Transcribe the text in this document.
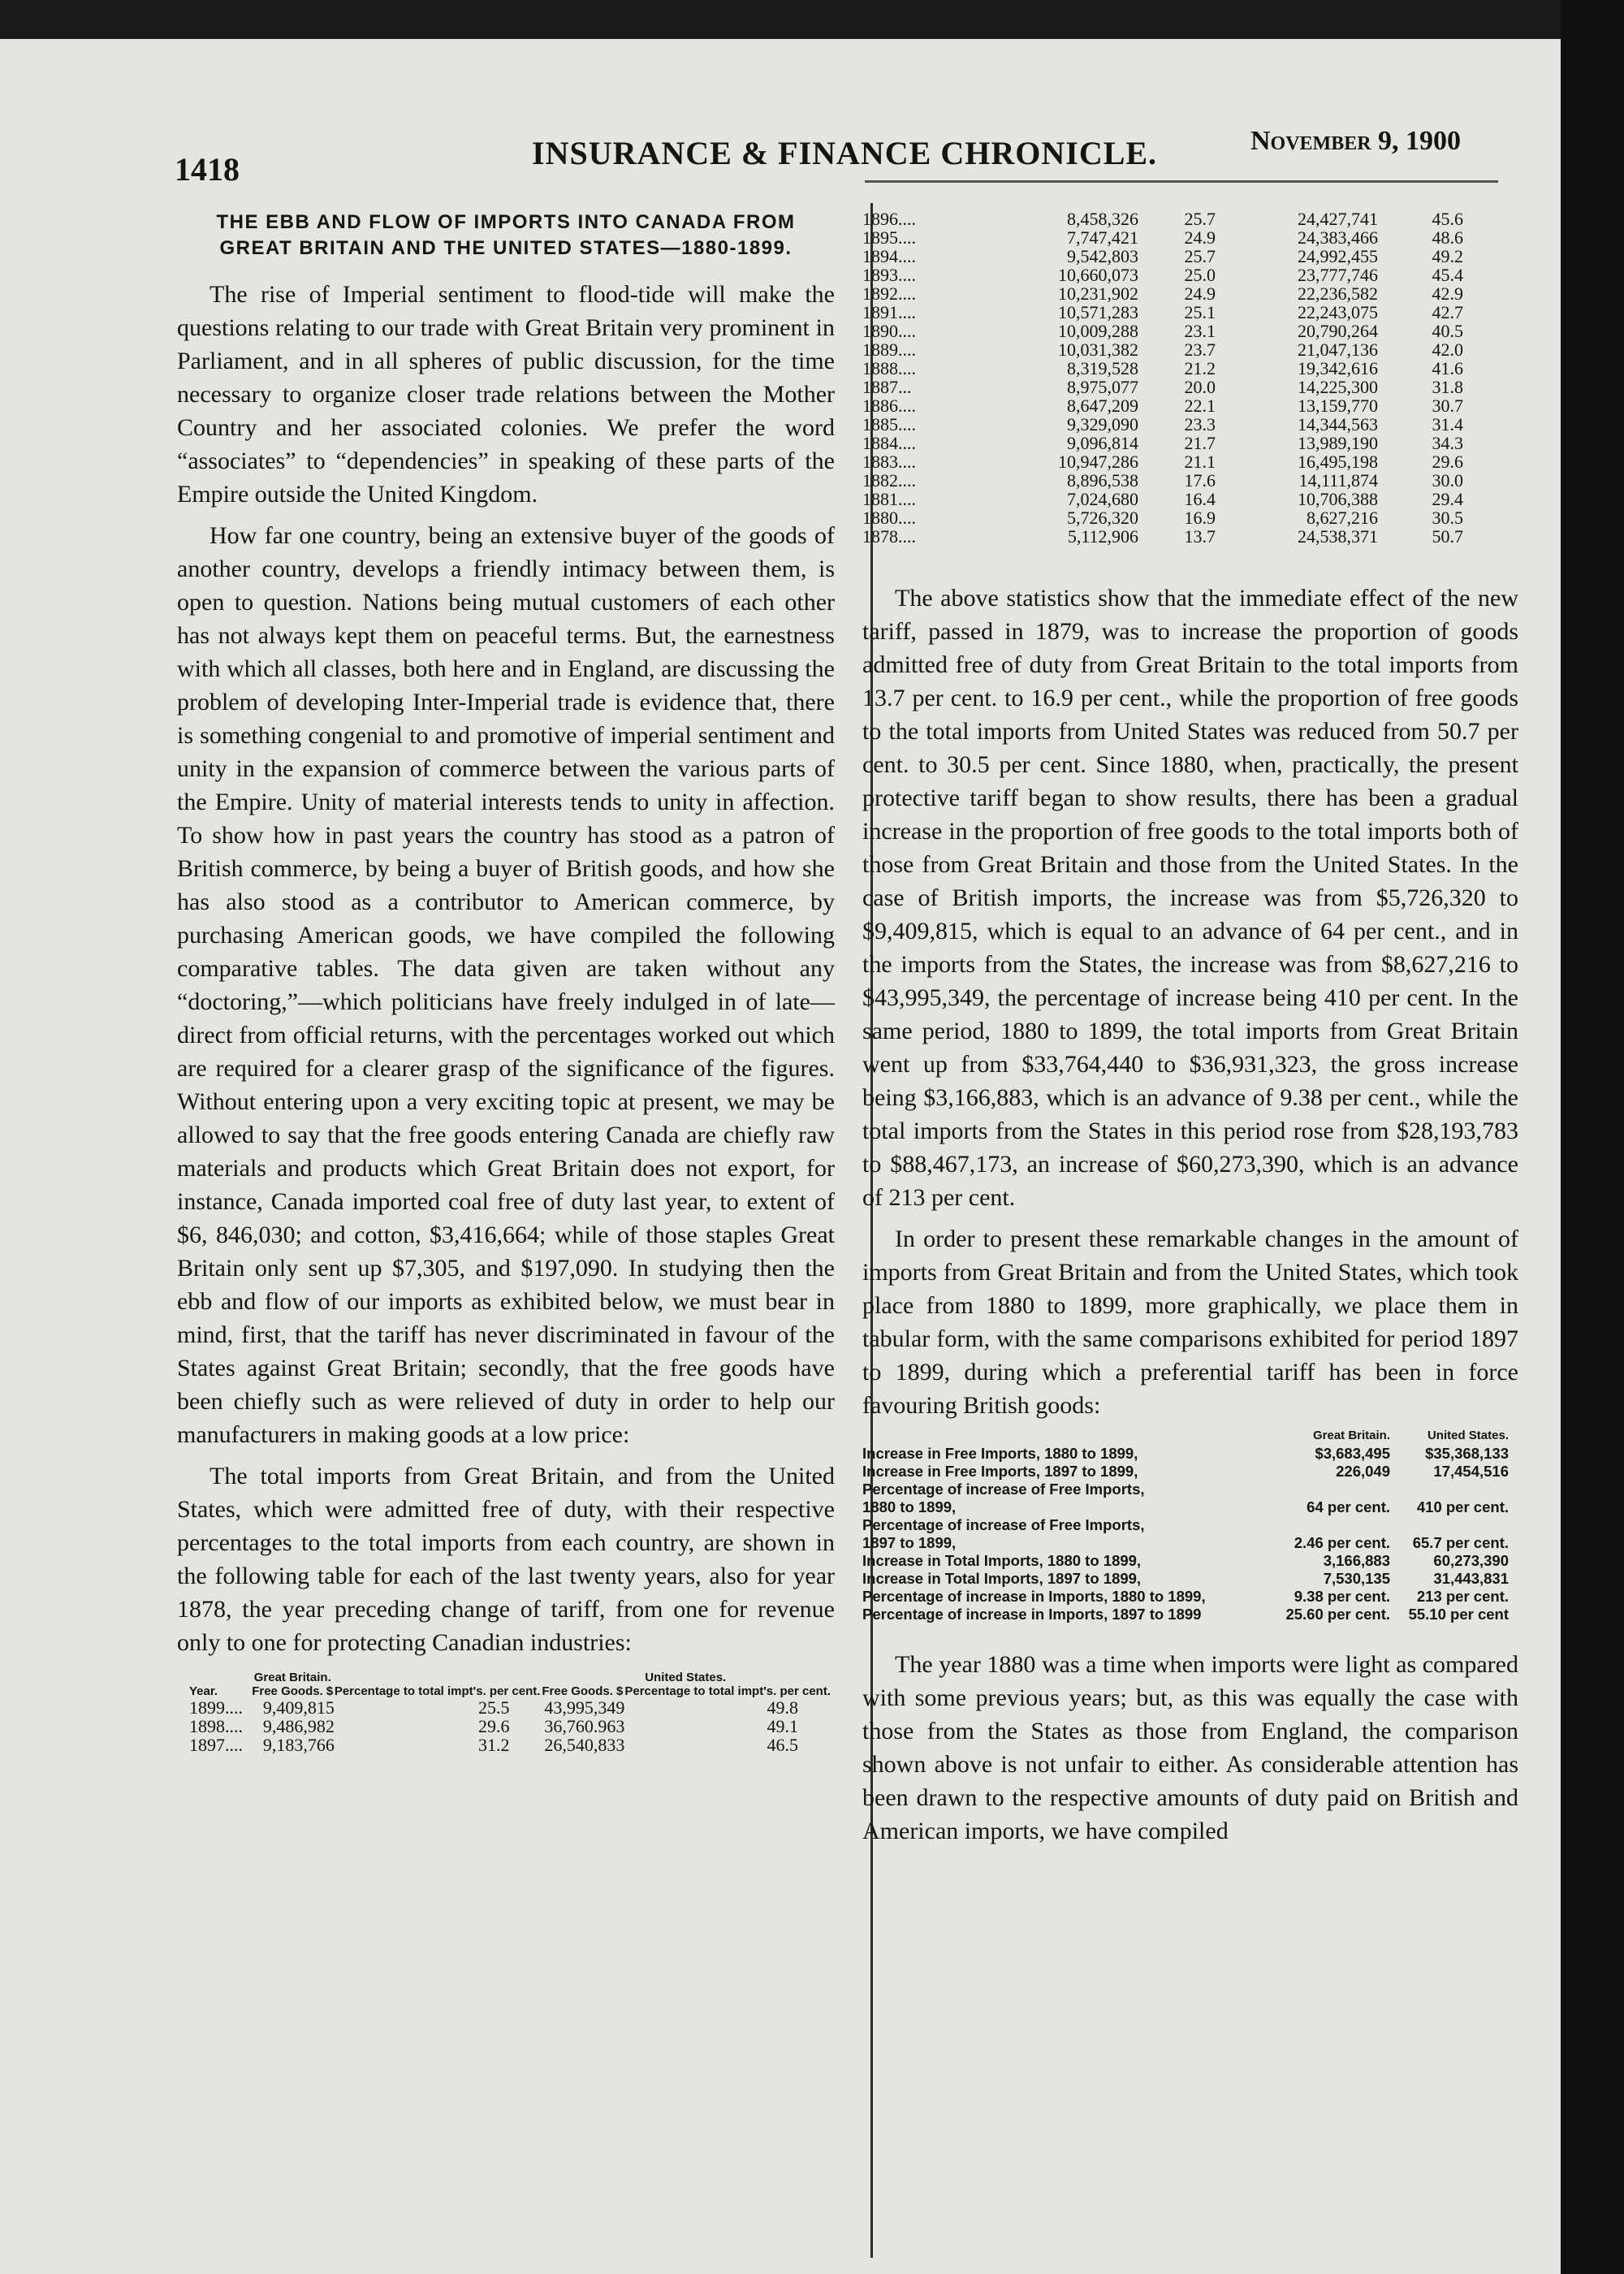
1418	INSURANCE & FINANCE CHRONICLE.	November 9, 1900
THE EBB AND FLOW OF IMPORTS INTO CANADA FROM GREAT BRITAIN AND THE UNITED STATES—1880-1899.

The rise of Imperial sentiment to flood-tide will make the questions relating to our trade with Great Britain very prominent in Parliament, and in all spheres of public discussion, for the time necessary to organize closer trade relations between the Mother Country and her associated colonies. We prefer the word “associates” to “dependencies” in speaking of these parts of the Empire outside the United Kingdom.

How far one country, being an extensive buyer of the goods of another country, develops a friendly intimacy between them, is open to question. Nations being mutual customers of each other has not always kept them on peaceful terms. But, the earnestness with which all classes, both here and in England, are discussing the problem of developing Inter-Imperial trade is evidence that, there is something congenial to and promotive of imperial sentiment and unity in the expansion of commerce between the various parts of the Empire. Unity of material interests tends to unity in affection. To show how in past years the country has stood as a patron of British commerce, by being a buyer of British goods, and how she has also stood as a contributor to American commerce, by purchasing American goods, we have compiled the following comparative tables. The data given are taken without any “doctoring,”—which politicians have freely indulged in of late—direct from official returns, with the percentages worked out which are required for a clearer grasp of the significance of the figures. Without entering upon a very exciting topic at present, we may be allowed to say that the free goods entering Canada are chiefly raw materials and products which Great Britain does not export, for instance, Canada imported coal free of duty last year, to extent of $6, 846,030; and cotton, $3,416,664; while of those staples Great Britain only sent up $7,305, and $197,090. In studying then the ebb and flow of our imports as exhibited below, we must bear in mind, first, that the tariff has never discriminated in favour of the States against Great Britain; secondly, that the free goods have been chiefly such as were relieved of duty in order to help our manufacturers in making goods at a low price:

The total imports from Great Britain, and from the United States, which were admitted free of duty, with their respective percentages to the total imports from each country, are shown in the following table for each of the last twenty years, also for year 1878, the year preceding change of tariff, from one for revenue only to one for protecting Canadian industries:

	Great Britain.		United States.	
Year.	Free Goods. $	Percentage to total impt's. per cent.	Free Goods. $	Percentage to total impt's. per cent.
1899....	9,409,815	25.5	43,995,349	49.8
1898....	9,486,982	29.6	36,760.963	49.1
1897....	9,183,766	31.2	26,540,833	46.5
1896....	8,458,326	25.7	24,427,741	45.6
1895....	7,747,421	24.9	24,383,466	48.6
1894....	9,542,803	25.7	24,992,455	49.2
1893....	10,660,073	25.0	23,777,746	45.4
1892....	10,231,902	24.9	22,236,582	42.9
1891....	10,571,283	25.1	22,243,075	42.7
1890....	10,009,288	23.1	20,790,264	40.5
1889....	10,031,382	23.7	21,047,136	42.0
1888....	8,319,528	21.2	19,342,616	41.6
1887...	8,975,077	20.0	14,225,300	31.8
1886....	8,647,209	22.1	13,159,770	30.7
1885....	9,329,090	23.3	14,344,563	31.4
1884....	9,096,814	21.7	13,989,190	34.3
1883....	10,947,286	21.1	16,495,198	29.6
1882....	8,896,538	17.6	14,111,874	30.0
1881....	7,024,680	16.4	10,706,388	29.4
1880....	5,726,320	16.9	8,627,216	30.5
1878....	5,112,906	13.7	24,538,371	50.7

The above statistics show that the immediate effect of the new tariff, passed in 1879, was to increase the proportion of goods admitted free of duty from Great Britain to the total imports from 13.7 per cent. to 16.9 per cent., while the proportion of free goods to the total imports from United States was reduced from 50.7 per cent. to 30.5 per cent. Since 1880, when, practically, the present protective tariff began to show results, there has been a gradual increase in the proportion of free goods to the total imports both of those from Great Britain and those from the United States. In the case of British imports, the increase was from $5,726,320 to $9,409,815, which is equal to an advance of 64 per cent., and in the imports from the States, the increase was from $8,627,216 to $43,995,349, the percentage of increase being 410 per cent. In the same period, 1880 to 1899, the total imports from Great Britain went up from $33,764,440 to $36,931,323, the gross increase being $3,166,883, which is an advance of 9.38 per cent., while the total imports from the States in this period rose from $28,193,783 to $88,467,173, an increase of $60,273,390, which is an advance of 213 per cent.

In order to present these remarkable changes in the amount of imports from Great Britain and from the United States, which took place from 1880 to 1899, more graphically, we place them in tabular form, with the same comparisons exhibited for period 1897 to 1899, during which a preferential tariff has been in force favouring British goods:

	Great Britain.	United States.
Increase in Free Imports, 1880 to 1899,	$3,683,495	$35,368,133
Increase in Free Imports, 1897 to 1899,	226,049	17,454,516
Percentage of increase of Free Imports, 1880 to 1899,	64 per cent.	410 per cent.
Percentage of increase of Free Imports, 1897 to 1899,	2.46 per cent.	65.7 per cent.
Increase in Total Imports, 1880 to 1899,	3,166,883	60,273,390
Increase in Total Imports, 1897 to 1899,	7,530,135	31,443,831
Percentage of increase in Imports, 1880 to 1899,	9.38 per cent.	213 per cent.
Percentage of increase in Imports, 1897 to 1899	25.60 per cent.	55.10 per cent

The year 1880 was a time when imports were light as compared with some previous years; but, as this was equally the case with those from the States as those from England, the comparison shown above is not unfair to either. As considerable attention has been drawn to the respective amounts of duty paid on British and American imports, we have compiled
